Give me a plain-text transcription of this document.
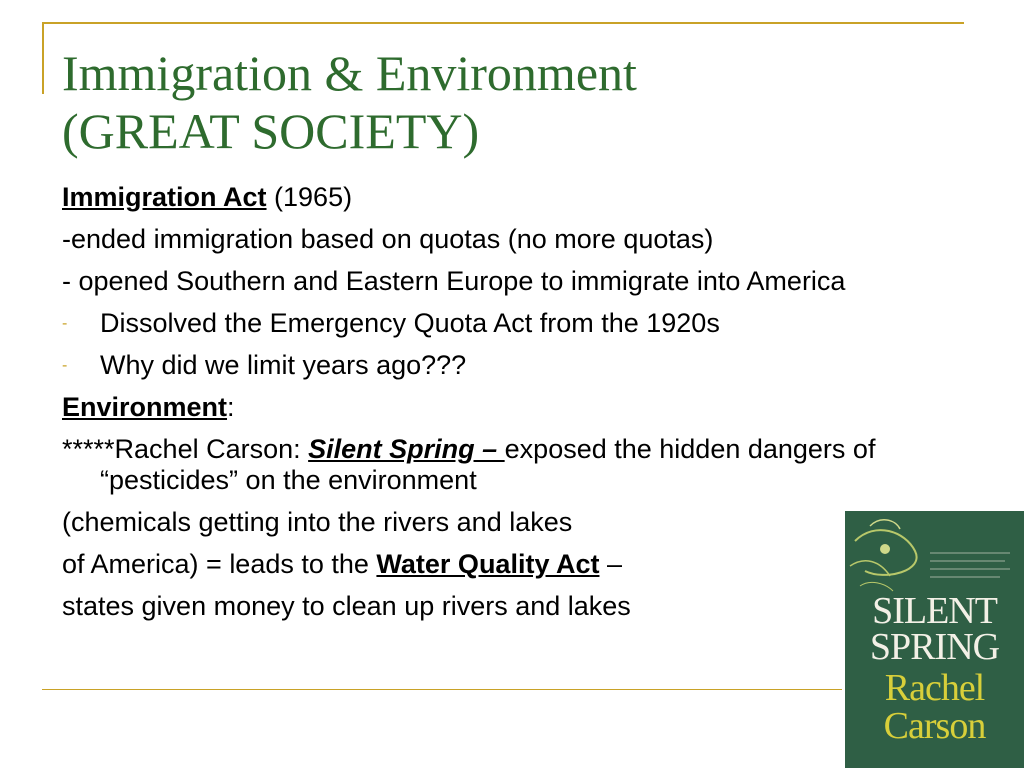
Immigration & Environment
(GREAT SOCIETY)

Immigration Act (1965)

-ended immigration based on quotas (no more quotas)

- opened Southern and Eastern Europe to immigrate into America

- Dissolved the Emergency Quota Act from the 1920s

- Why did we limit years ago???

Environment:

*****Rachel Carson: Silent Spring – exposed the hidden dangers of “pesticides” on the environment

(chemicals getting into the rivers and lakes

of America) = leads to the Water Quality Act –

states given money to clean up rivers and lakes	SILENT
SPRING
Rachel
Carson
